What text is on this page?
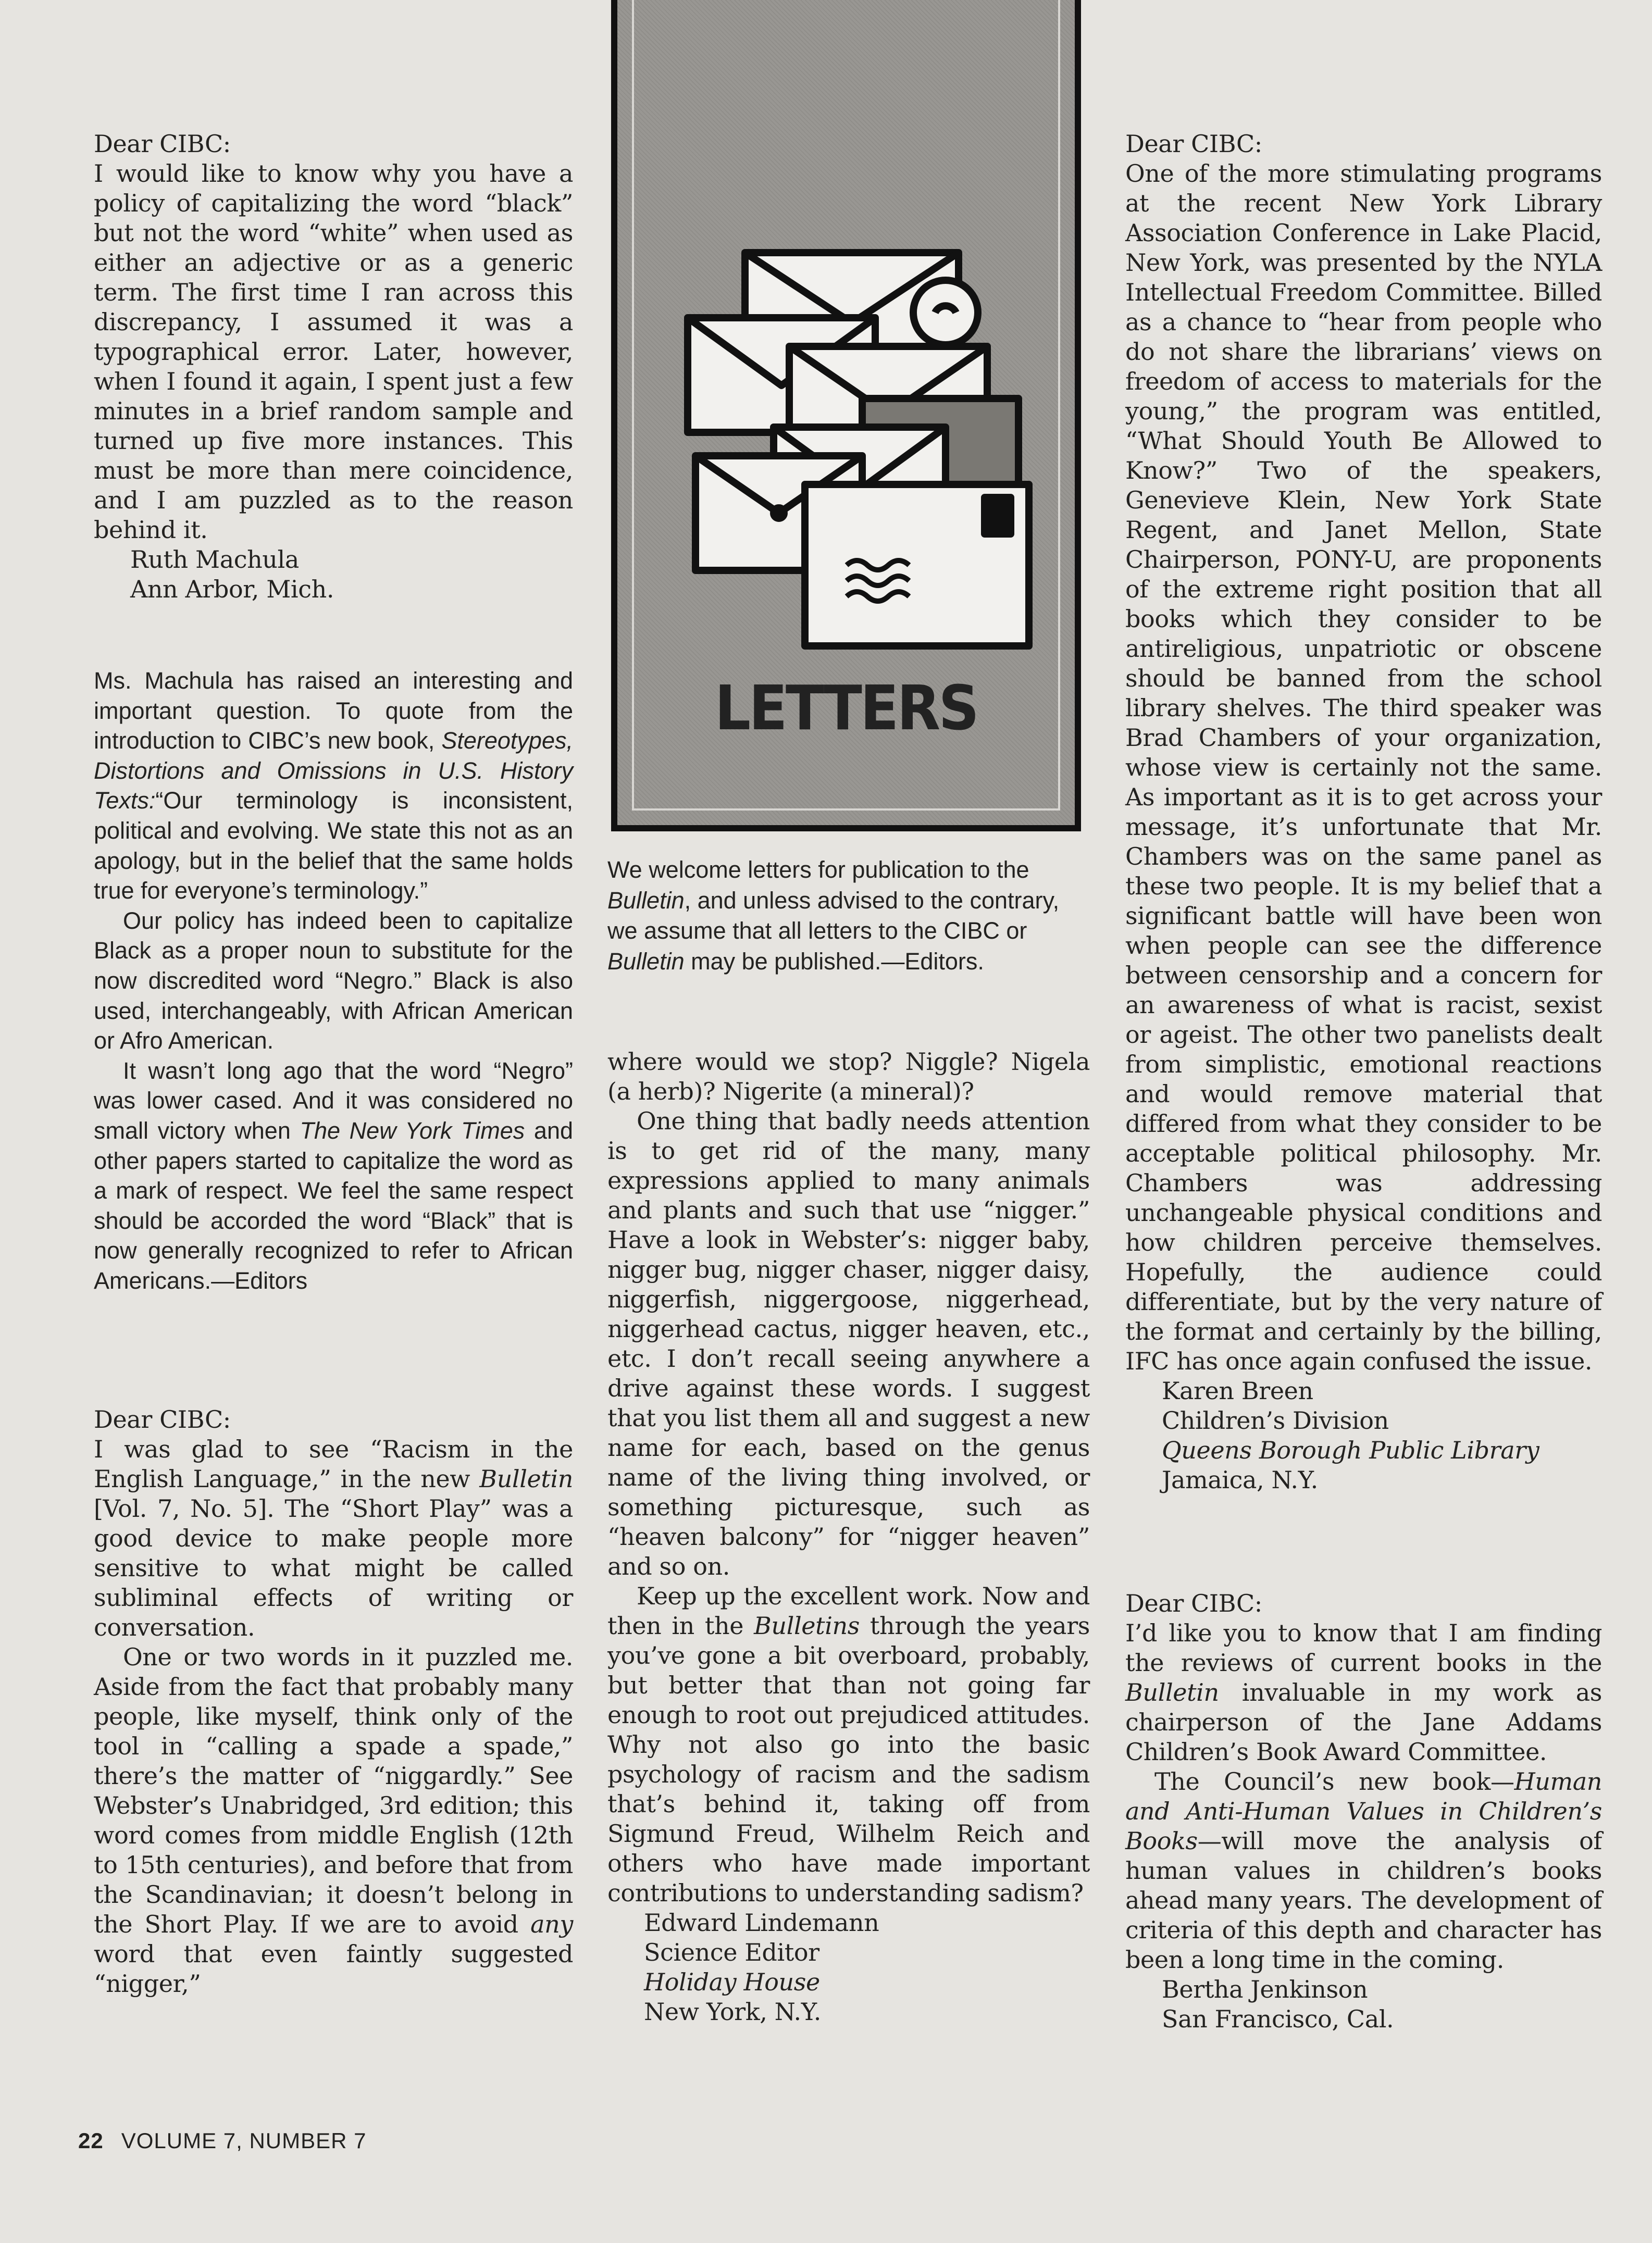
Dear CIBC:

I would like to know why you have a policy of capitalizing the word “black” but not the word “white” when used as either an adjective or as a generic term. The first time I ran across this discrepancy, I assumed it was a typographical error. Later, however, when I found it again, I spent just a few minutes in a brief random sample and turned up five more instances. This must be more than mere coincidence, and I am puzzled as to the reason behind it.

Ruth Machula

Ann Arbor, Mich.

Ms. Machula has raised an interesting and important question. To quote from the introduction to CIBC’s new book, Stereotypes, Distortions and Omissions in U.S. History Texts:“Our terminology is inconsistent, political and evolving. We state this not as an apology, but in the belief that the same holds true for everyone’s terminology.”

Our policy has indeed been to capitalize Black as a proper noun to substitute for the now discredited word “Negro.” Black is also used, interchangeably, with African American or Afro American.

It wasn’t long ago that the word “Negro” was lower cased. And it was considered no small victory when The New York Times and other papers started to capitalize the word as a mark of respect. We feel the same respect should be accorded the word “Black” that is now generally recognized to refer to African Americans.—Editors

Dear CIBC:

I was glad to see “Racism in the English Language,” in the new Bulletin [Vol. 7, No. 5]. The “Short Play” was a good device to make people more sensitive to what might be called subliminal effects of writing or conversation.

One or two words in it puzzled me. Aside from the fact that probably many people, like myself, think only of the tool in “calling a spade a spade,” there’s the matter of “niggardly.” See Webster’s Unabridged, 3rd edition; this word comes from middle English (12th to 15th centuries), and before that from the Scandinavian; it doesn’t belong in the Short Play. If we are to avoid any word that even faintly suggested “nigger,”

LETTERS

We welcome letters for publication to the Bulletin, and unless advised to the contrary, we assume that all letters to the CIBC or Bulletin may be published.—Editors.

where would we stop? Niggle? Nigela (a herb)? Nigerite (a mineral)?

One thing that badly needs attention is to get rid of the many, many expressions applied to many animals and plants and such that use “nigger.” Have a look in Webster’s: nigger baby, nigger bug, nigger chaser, nigger daisy, niggerfish, niggergoose, niggerhead, niggerhead cactus, nigger heaven, etc., etc. I don’t recall seeing anywhere a drive against these words. I suggest that you list them all and suggest a new name for each, based on the genus name of the living thing involved, or something picturesque, such as “heaven balcony” for “nigger heaven” and so on.

Keep up the excellent work. Now and then in the Bulletins through the years you’ve gone a bit overboard, probably, but better that than not going far enough to root out prejudiced attitudes. Why not also go into the basic psychology of racism and the sadism that’s behind it, taking off from Sigmund Freud, Wilhelm Reich and others who have made important contributions to understanding sadism?

Edward Lindemann

Science Editor

Holiday House

New York, N.Y.

Dear CIBC:

One of the more stimulating programs at the recent New York Library Association Conference in Lake Placid, New York, was presented by the NYLA Intellectual Freedom Committee. Billed as a chance to “hear from people who do not share the librarians’ views on freedom of access to materials for the young,” the program was entitled, “What Should Youth Be Allowed to Know?” Two of the speakers, Genevieve Klein, New York State Regent, and Janet Mellon, State Chairperson, PONY-U, are proponents of the extreme right position that all books which they consider to be antireligious, unpatriotic or obscene should be banned from the school library shelves. The third speaker was Brad Chambers of your organization, whose view is certainly not the same. As important as it is to get across your message, it’s unfortunate that Mr. Chambers was on the same panel as these two people. It is my belief that a significant battle will have been won when people can see the difference between censorship and a concern for an awareness of what is racist, sexist or ageist. The other two panelists dealt from simplistic, emotional reactions and would remove material that differed from what they consider to be acceptable political philosophy. Mr. Chambers was addressing unchangeable physical conditions and how children perceive themselves. Hopefully, the audience could differentiate, but by the very nature of the format and certainly by the billing, IFC has once again confused the issue.

Karen Breen

Children’s Division

Queens Borough Public Library

Jamaica, N.Y.

Dear CIBC:

I’d like you to know that I am finding the reviews of current books in the Bulletin invaluable in my work as chairperson of the Jane Addams Children’s Book Award Committee.

The Council’s new book—Human and Anti-Human Values in Children’s Books—will move the analysis of human values in children’s books ahead many years. The development of criteria of this depth and character has been a long time in the coming.

Bertha Jenkinson

San Francisco, Cal.

22 VOLUME 7, NUMBER 7
